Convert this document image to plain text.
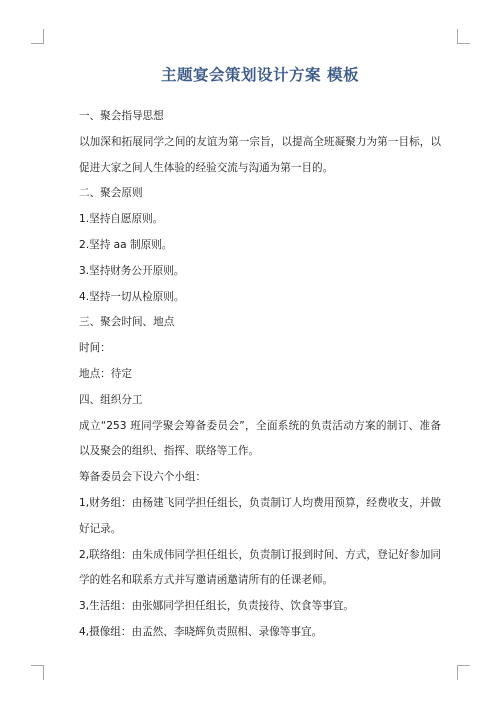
主题宴会策划设计方案 模板

一、聚会指导思想

以加深和拓展同学之间的友谊为第一宗旨，以提高全班凝聚力为第一目标，以促进大家之间人生体验的经验交流与沟通为第一目的。

二、聚会原则

1.坚持自愿原则。

2.坚持 aa 制原则。

3.坚持财务公开原则。

4.坚持一切从检原则。

三、聚会时间、地点

时间：

地点：待定

四、组织分工

成立“253 班同学聚会筹备委员会”，全面系统的负责活动方案的制订、准备以及聚会的组织、指挥、联络等工作。

筹备委员会下设六个小组：

1,财务组：由杨建飞同学担任组长，负责制订人均费用预算，经费收支，并做好记录。

2,联络组：由朱成伟同学担任组长，负责制订报到时间、方式，登记好参加同学的姓名和联系方式并写邀请函邀请所有的任课老师。

3,生活组：由张娜同学担任组长，负责接待、饮食等事宜。

4,摄像组：由孟然、李晓辉负责照相、录像等事宜。
